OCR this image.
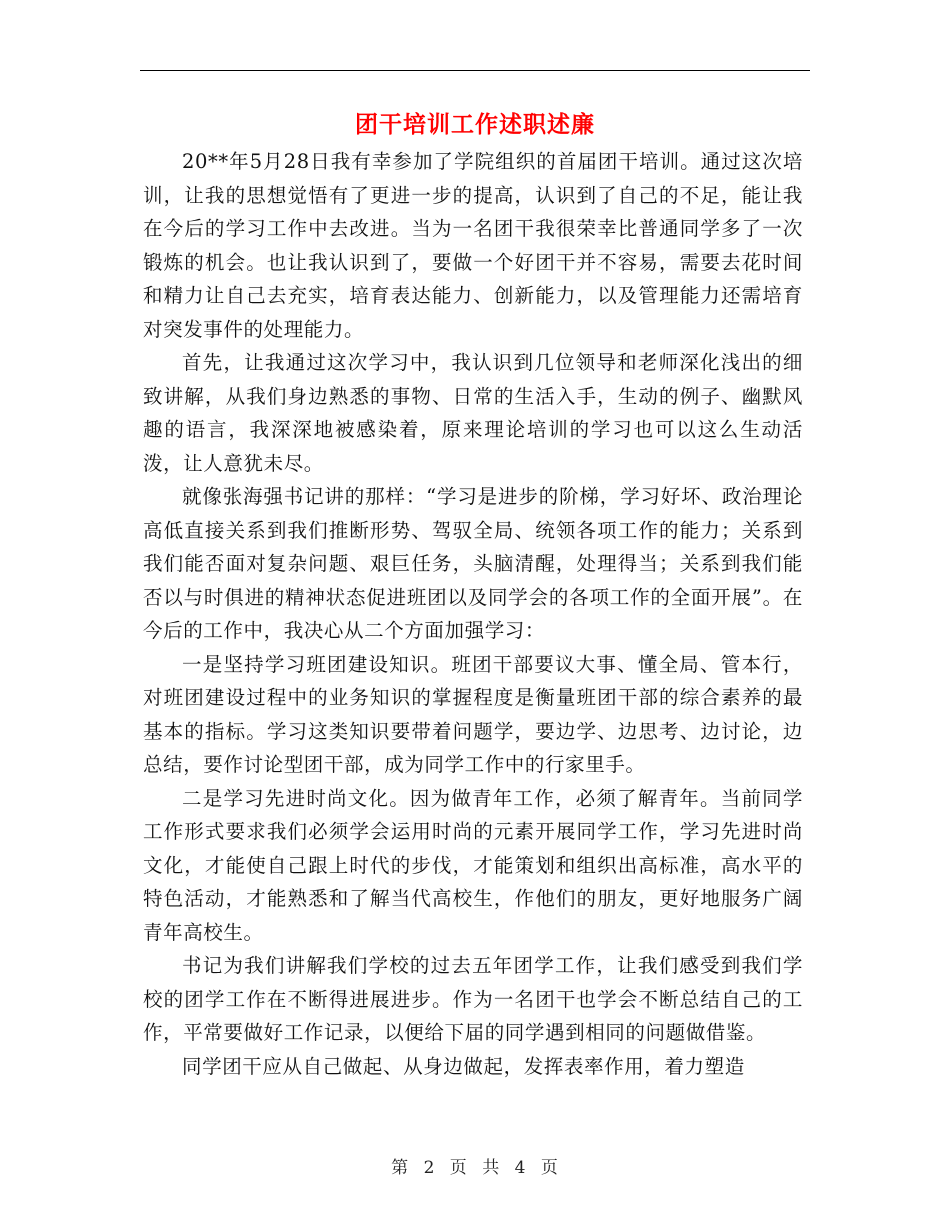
团干培训工作述职述廉

20**年5月28日我有幸参加了学院组织的首届团干培训。通过这次培训，让我的思想觉悟有了更进一步的提高，认识到了自己的不足，能让我在今后的学习工作中去改进。当为一名团干我很荣幸比普通同学多了一次锻炼的机会。也让我认识到了，要做一个好团干并不容易，需要去花时间和精力让自己去充实，培育表达能力、创新能力，以及管理能力还需培育对突发事件的处理能力。

首先，让我通过这次学习中，我认识到几位领导和老师深化浅出的细致讲解，从我们身边熟悉的事物、日常的生活入手，生动的例子、幽默风趣的语言，我深深地被感染着，原来理论培训的学习也可以这么生动活泼，让人意犹未尽。

就像张海强书记讲的那样：“学习是进步的阶梯，学习好坏、政治理论高低直接关系到我们推断形势、驾驭全局、统领各项工作的能力；关系到我们能否面对复杂问题、艰巨任务，头脑清醒，处理得当；关系到我们能否以与时俱进的精神状态促进班团以及同学会的各项工作的全面开展”。在今后的工作中，我决心从二个方面加强学习：

一是坚持学习班团建设知识。班团干部要议大事、懂全局、管本行，对班团建设过程中的业务知识的掌握程度是衡量班团干部的综合素养的最基本的指标。学习这类知识要带着问题学，要边学、边思考、边讨论，边总结，要作讨论型团干部，成为同学工作中的行家里手。

二是学习先进时尚文化。因为做青年工作，必须了解青年。当前同学工作形式要求我们必须学会运用时尚的元素开展同学工作，学习先进时尚文化，才能使自己跟上时代的步伐，才能策划和组织出高标准，高水平的特色活动，才能熟悉和了解当代高校生，作他们的朋友，更好地服务广阔青年高校生。

书记为我们讲解我们学校的过去五年团学工作，让我们感受到我们学校的团学工作在不断得进展进步。作为一名团干也学会不断总结自己的工作，平常要做好工作记录，以便给下届的同学遇到相同的问题做借鉴。

同学团干应从自己做起、从身边做起，发挥表率作用，着力塑造

第 2 页 共 4 页
